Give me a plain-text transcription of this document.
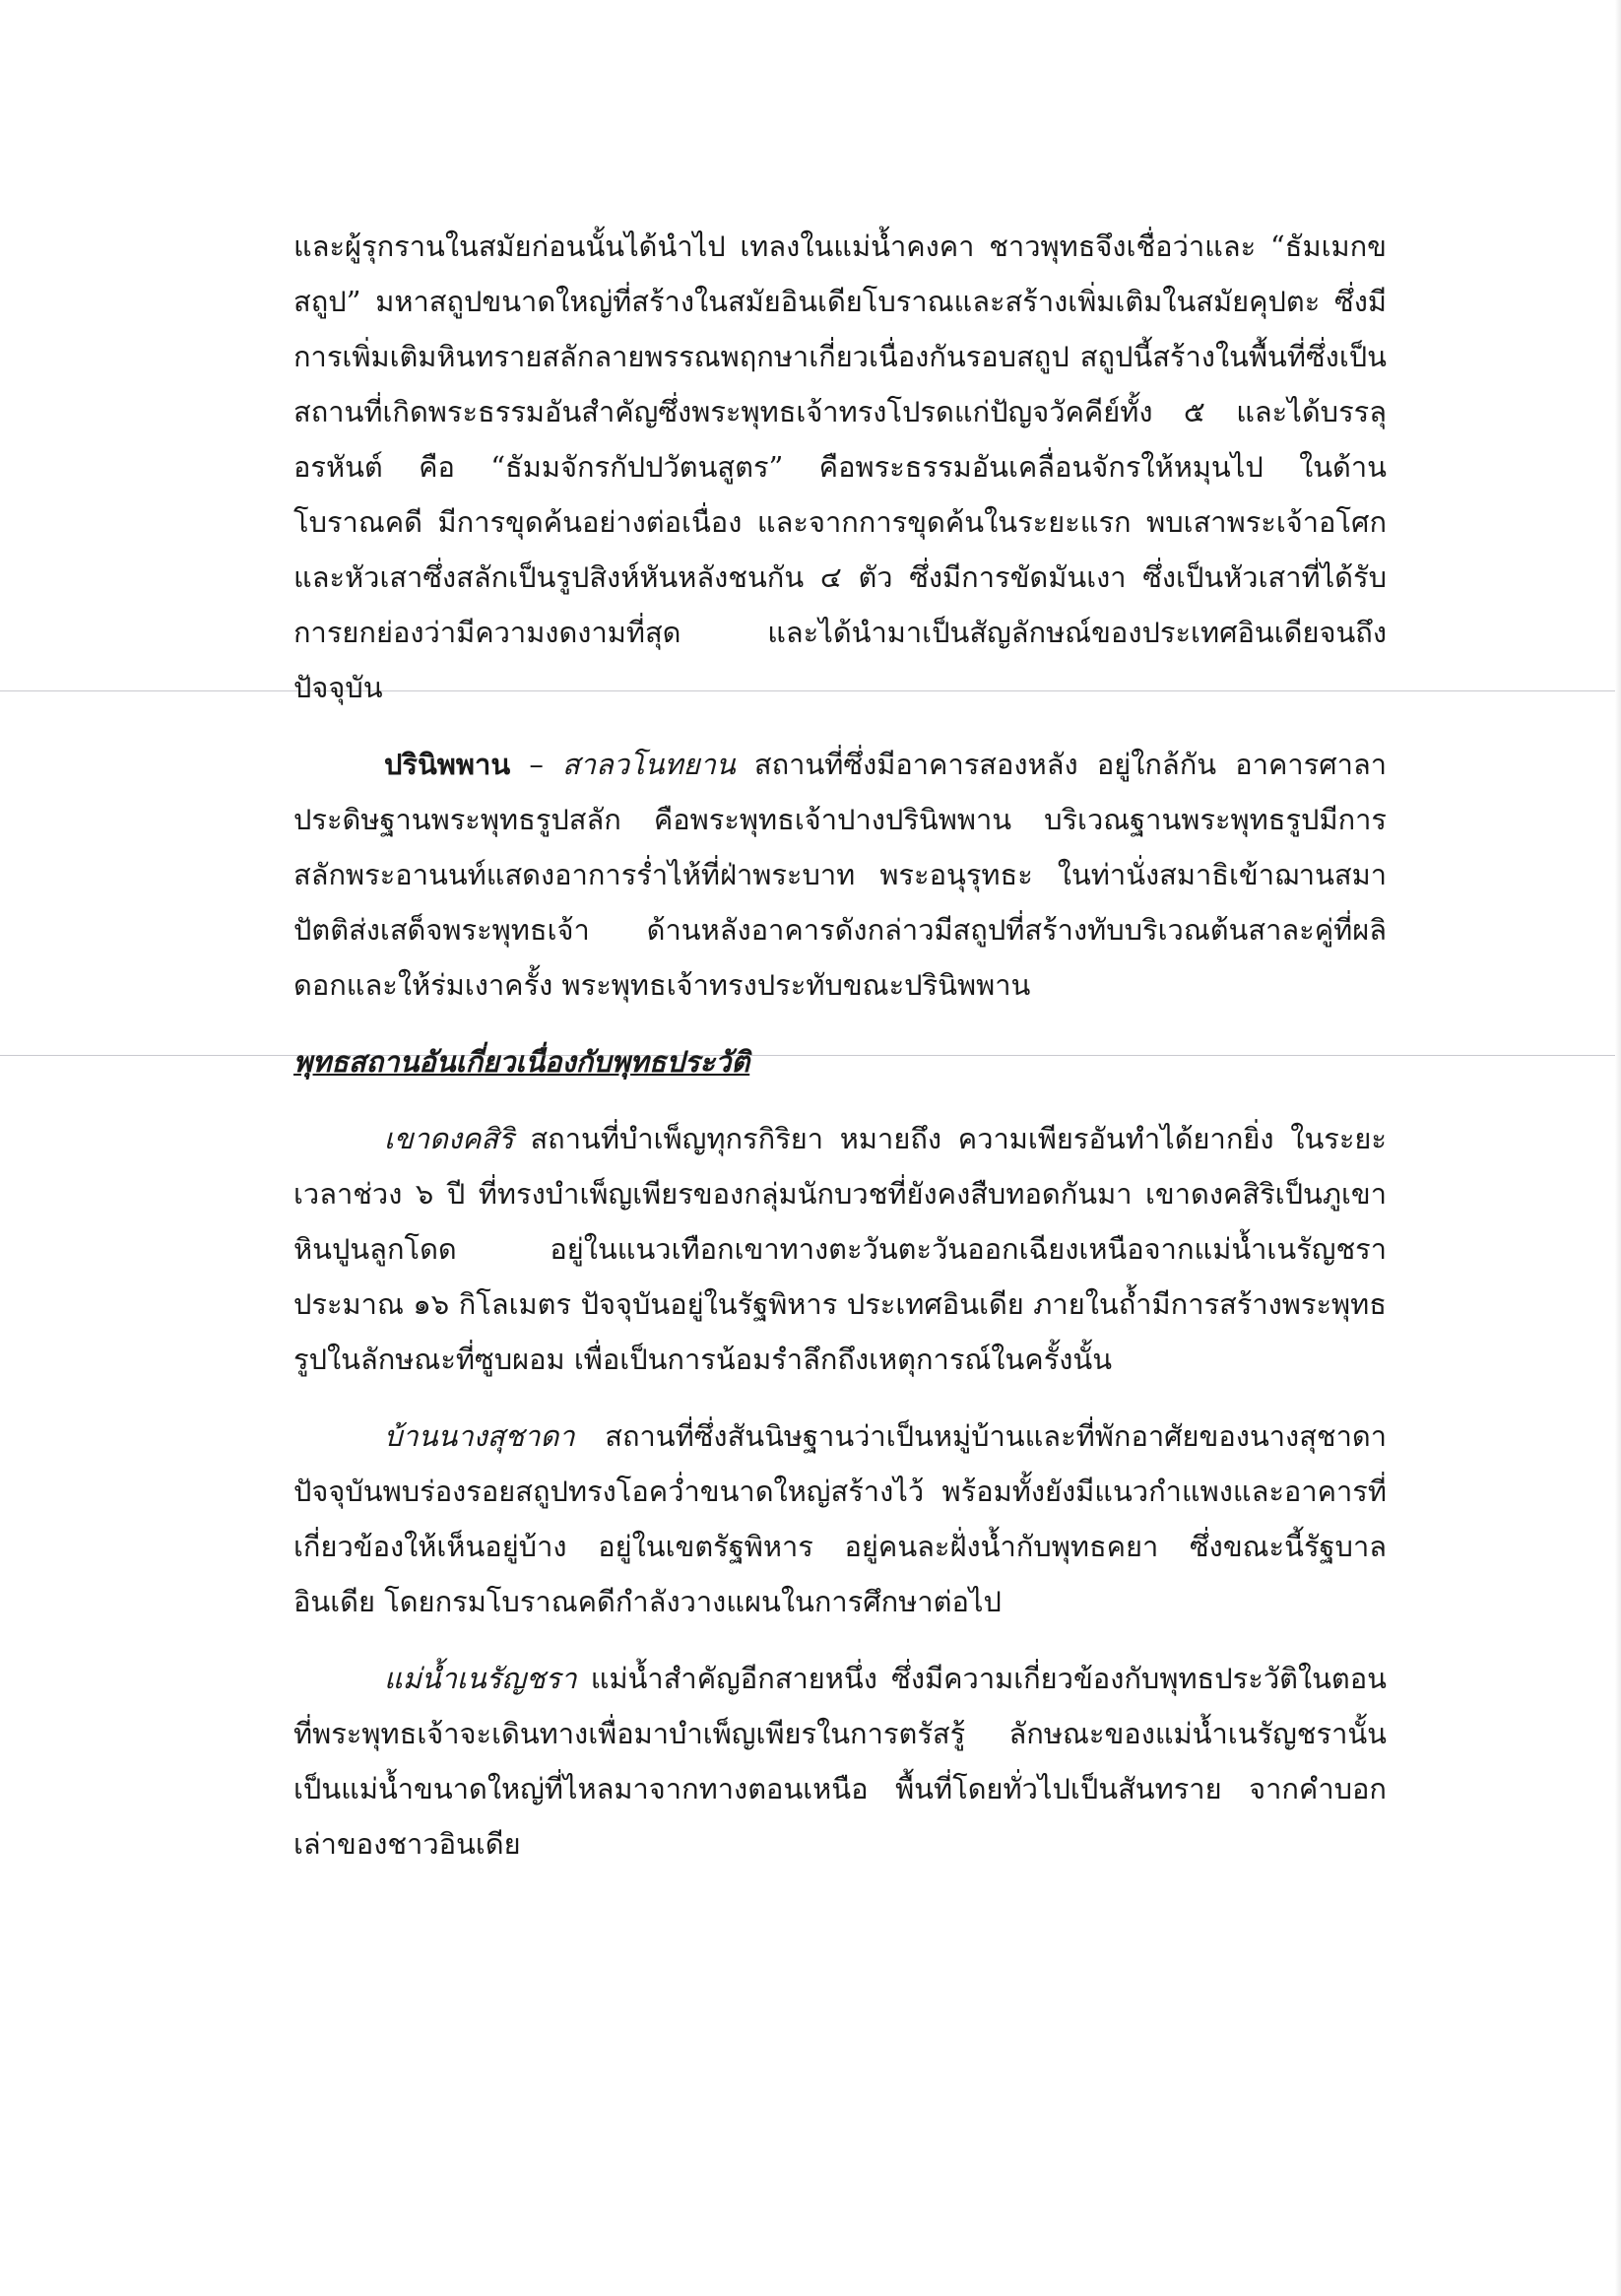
และผู้รุกรานในสมัยก่อนนั้นได้นำไป เทลงในแม่น้ำคงคา ชาวพุทธจึงเชื่อว่าและ “ธัมเมกขสถูป” มหาสถูปขนาดใหญ่ที่สร้างในสมัยอินเดียโบราณและสร้างเพิ่มเติมในสมัยคุปตะ ซึ่งมีการเพิ่มเติมหินทรายสลักลายพรรณพฤกษาเกี่ยวเนื่องกันรอบสถูป สถูปนี้สร้างในพื้นที่ซึ่งเป็นสถานที่เกิดพระธรรมอันสำคัญซึ่งพระพุทธเจ้าทรงโปรดแก่ปัญจวัคคีย์ทั้ง ๕ และได้บรรลุอรหันต์ คือ “ธัมมจักรกัปปวัตนสูตร” คือพระธรรมอันเคลื่อนจักรให้หมุนไป ในด้านโบราณคดี มีการขุดค้นอย่างต่อเนื่อง และจากการขุดค้นในระยะแรก พบเสาพระเจ้าอโศกและหัวเสาซึ่งสลักเป็นรูปสิงห์หันหลังชนกัน ๔ ตัว ซึ่งมีการขัดมันเงา ซึ่งเป็นหัวเสาที่ได้รับการยกย่องว่ามีความงดงามที่สุด และได้นำมาเป็นสัญลักษณ์ของประเทศอินเดียจนถึงปัจจุบัน

ปรินิพพาน – สาลวโนทยาน สถานที่ซึ่งมีอาคารสองหลัง อยู่ใกล้กัน อาคารศาลาประดิษฐานพระพุทธรูปสลัก คือพระพุทธเจ้าปางปรินิพพาน บริเวณฐานพระพุทธรูปมีการสลักพระอานนท์แสดงอาการร่ำไห้ที่ฝ่าพระบาท พระอนุรุทธะ ในท่านั่งสมาธิเข้าฌานสมาปัตติส่งเสด็จพระพุทธเจ้า ด้านหลังอาคารดังกล่าวมีสถูปที่สร้างทับบริเวณต้นสาละคู่ที่ผลิดอกและให้ร่มเงาครั้ง พระพุทธเจ้าทรงประทับขณะปรินิพพาน

พุทธสถานอันเกี่ยวเนื่องกับพุทธประวัติ

เขาดงคสิริ สถานที่บำเพ็ญทุกรกิริยา หมายถึง ความเพียรอันทำได้ยากยิ่ง ในระยะเวลาช่วง ๖ ปี ที่ทรงบำเพ็ญเพียรของกลุ่มนักบวชที่ยังคงสืบทอดกันมา เขาดงคสิริเป็นภูเขาหินปูนลูกโดด อยู่ในแนวเทือกเขาทางตะวันตะวันออกเฉียงเหนือจากแม่น้ำเนรัญชราประมาณ ๑๖ กิโลเมตร ปัจจุบันอยู่ในรัฐพิหาร ประเทศอินเดีย ภายในถ้ำมีการสร้างพระพุทธรูปในลักษณะที่ซูบผอม เพื่อเป็นการน้อมรำลึกถึงเหตุการณ์ในครั้งนั้น

บ้านนางสุชาดา สถานที่ซึ่งสันนิษฐานว่าเป็นหมู่บ้านและที่พักอาศัยของนางสุชาดา ปัจจุบันพบร่องรอยสถูปทรงโอคว่ำขนาดใหญ่สร้างไว้ พร้อมทั้งยังมีแนวกำแพงและอาคารที่เกี่ยวข้องให้เห็นอยู่บ้าง อยู่ในเขตรัฐพิหาร อยู่คนละฝั่งน้ำกับพุทธคยา ซึ่งขณะนี้รัฐบาลอินเดีย โดยกรมโบราณคดีกำลังวางแผนในการศึกษาต่อไป

แม่น้ำเนรัญชรา แม่น้ำสำคัญอีกสายหนึ่ง ซึ่งมีความเกี่ยวข้องกับพุทธประวัติในตอนที่พระพุทธเจ้าจะเดินทางเพื่อมาบำเพ็ญเพียรในการตรัสรู้ ลักษณะของแม่น้ำเนรัญชรานั้น เป็นแม่น้ำขนาดใหญ่ที่ไหลมาจากทางตอนเหนือ พื้นที่โดยทั่วไปเป็นสันทราย จากคำบอกเล่าของชาวอินเดีย
